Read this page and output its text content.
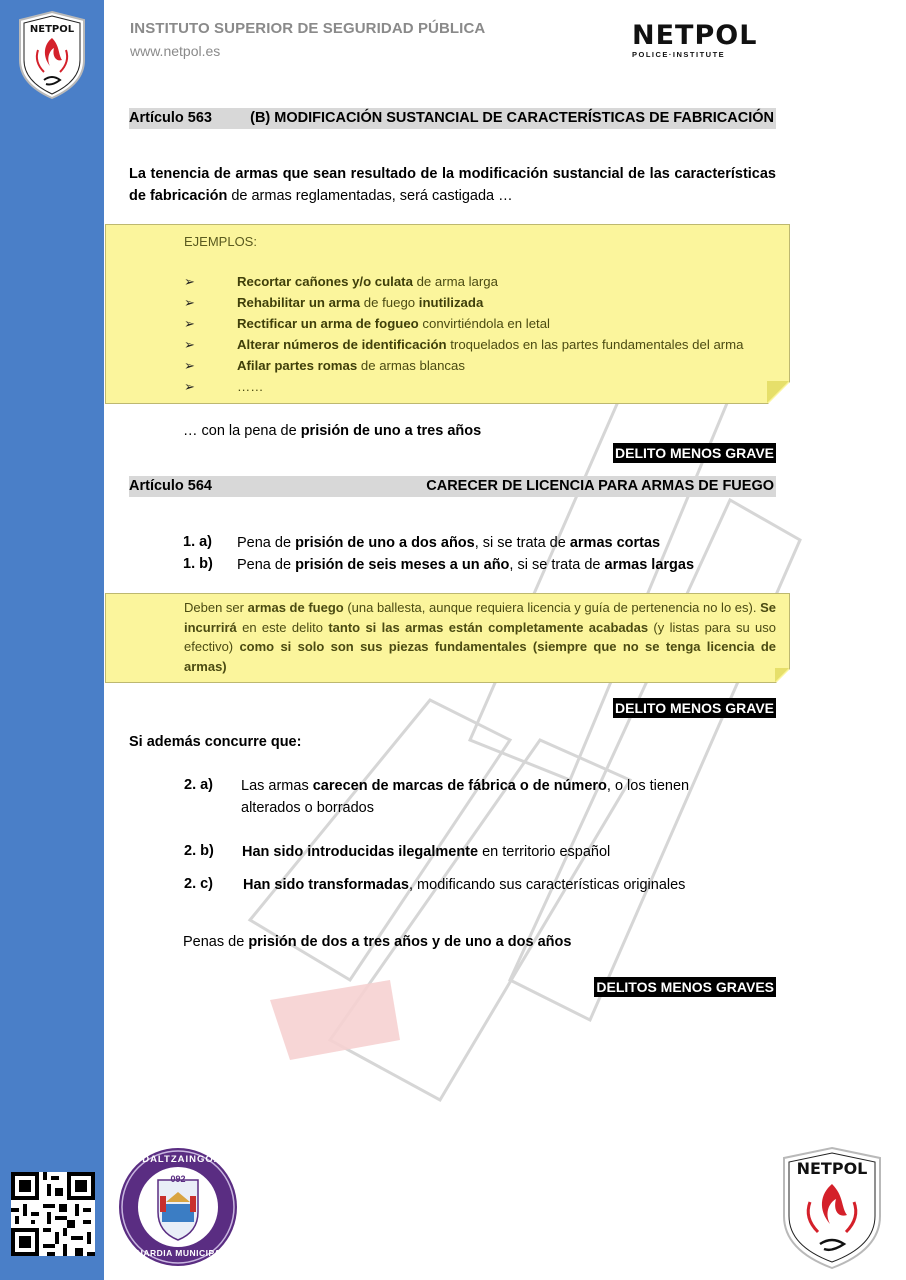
NETPOL	INSTITUTO SUPERIOR DE SEGURIDAD PÚBLICA
www.netpol.es	NETPOL
POLICE·INSTITUTE
Artículo 563	(B) MODIFICACIÓN SUSTANCIAL DE CARACTERÍSTICAS DE FABRICACIÓN
La tenencia de armas que sean resultado de la modificación sustancial de las características de fabricación de armas reglamentadas, será castigada …
EJEMPLOS:
➢	Recortar cañones y/o culata de arma larga
➢	Rehabilitar un arma de fuego inutilizada
➢	Rectificar un arma de fogueo convirtiéndola en letal
➢	Alterar números de identificación troquelados en las partes fundamentales del arma
➢	Afilar partes romas de armas blancas
➢	……
… con la pena de prisión de uno a tres años
DELITO MENOS GRAVE
Artículo 564	CARECER DE LICENCIA PARA ARMAS DE FUEGO
1. a) Pena de prisión de uno a dos años, si se trata de armas cortas
1. b) Pena de prisión de seis meses a un año, si se trata de armas largas
Deben ser armas de fuego (una ballesta, aunque requiera licencia y guía de pertenencia no lo es). Se incurrirá en este delito tanto si las armas están completamente acabadas (y listas para su uso efectivo) como si solo son sus piezas fundamentales (siempre que no se tenga licencia de armas)
DELITO MENOS GRAVE
Si además concurre que:
2. a) Las armas carecen de marcas de fábrica o de número, o los tienen
alterados o borrados
2. b) Han sido introducidas ilegalmente en territorio español
2. c) Han sido transformadas, modificando sus características originales
Penas de prisión de dos a tres años y de uno a dos años
DELITOS MENOS GRAVES
UDALTZAINGOA
092
GUARDIA MUNICIPAL
NETPOL
